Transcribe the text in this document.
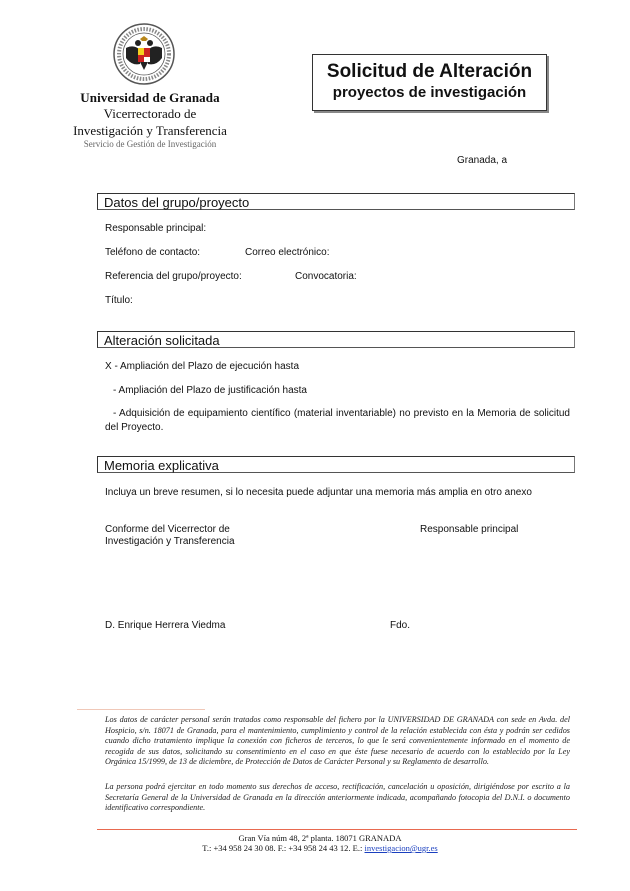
Universidad de Granada
Vicerrectorado de
Investigación y Transferencia
Servicio de Gestión de Investigación
Solicitud de Alteración
proyectos de investigación
Granada, a
Datos del grupo/proyecto
Responsable principal:
Teléfono de contacto:	Correo electrónico:
Referencia del grupo/proyecto:	Convocatoria:
Título:
Alteración solicitada
X - Ampliación del Plazo de ejecución hasta
- Ampliación del Plazo de justificación hasta
- Adquisición de equipamiento científico (material inventariable) no previsto en la Memoria de solicitud del Proyecto.
Memoria explicativa
Incluya un breve resumen, si lo necesita puede adjuntar una memoria más amplia en otro anexo
Conforme del Vicerrector de
Investigación y Transferencia
Responsable principal
D. Enrique Herrera Viedma	Fdo.
Los datos de carácter personal serán tratados como responsable del fichero por la UNIVERSIDAD DE GRANADA con sede en Avda. del Hospicio, s/n. 18071 de Granada, para el mantenimiento, cumplimiento y control de la relación establecida con ésta y podrán ser cedidos cuando dicho tratamiento implique la conexión con ficheros de terceros, lo que le será convenientemente informado en el momento de recogida de sus datos, solicitando su consentimiento en el caso en que éste fuese necesario de acuerdo con lo establecido por la Ley Orgánica 15/1999, de 13 de diciembre, de Protección de Datos de Carácter Personal y su Reglamento de desarrollo.
La persona podrá ejercitar en todo momento sus derechos de acceso, rectificación, cancelación u oposición, dirigiéndose por escrito a la Secretaría General de la Universidad de Granada en la dirección anteriormente indicada, acompañando fotocopia del D.N.I. o documento identificativo correspondiente.
Gran Vía núm 48, 2ª planta. 18071 GRANADA
T.: +34 958 24 30 08. F.: +34 958 24 43 12. E.: investigacion@ugr.es
